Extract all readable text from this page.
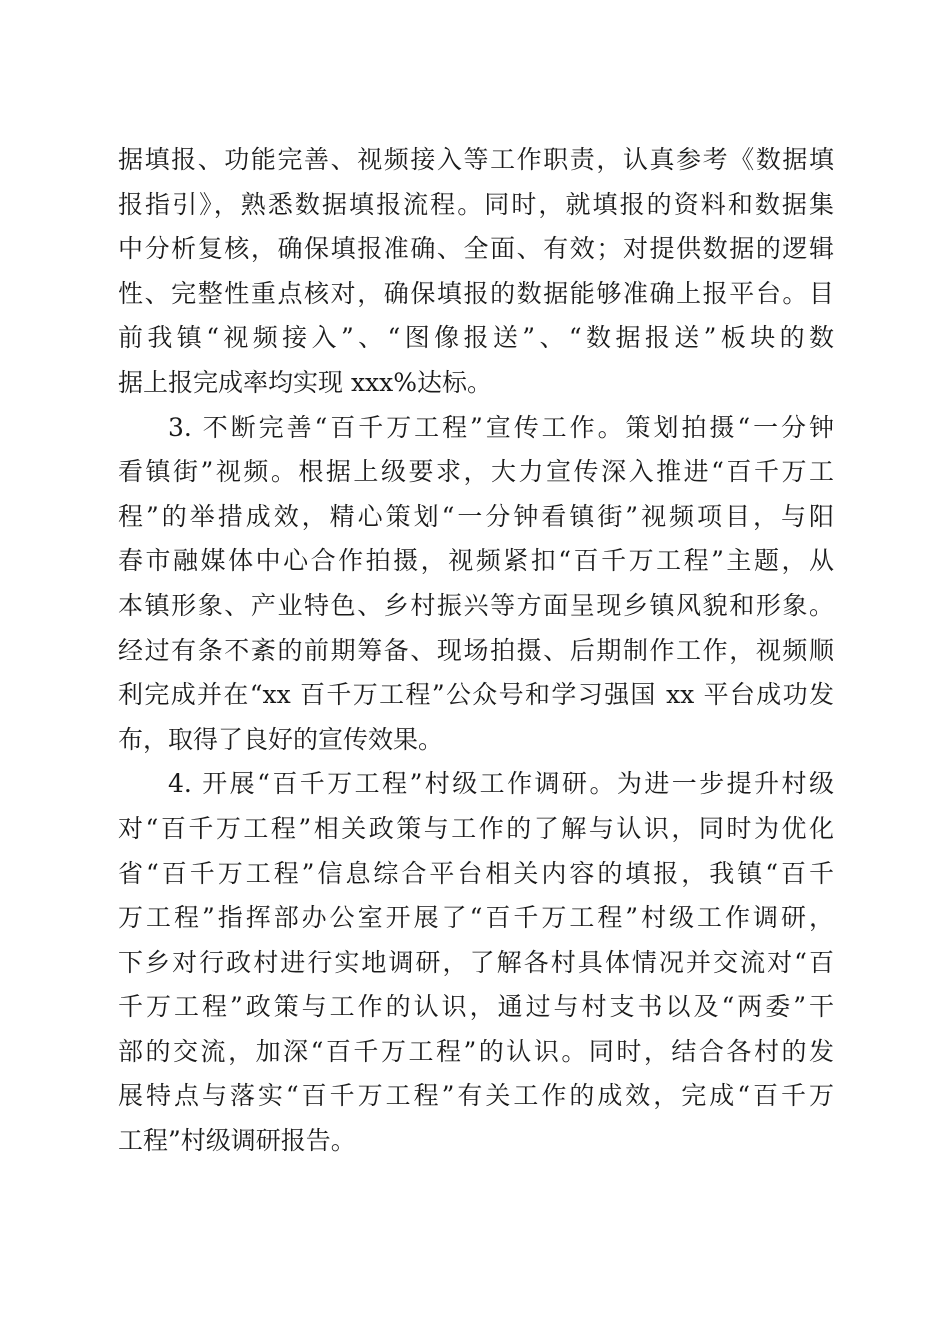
据填报、功能完善、视频接入等工作职责，认真参考《数据填
报指引》，熟悉数据填报流程。同时，就填报的资料和数据集
中分析复核，确保填报准确、全面、有效；对提供数据的逻辑
性、完整性重点核对，确保填报的数据能够准确上报平台。目
前我镇“视频接入”、“图像报送”、“数据报送”板块的数
据上报完成率均实现 xxx%达标。
3. 不断完善“百千万工程”宣传工作。策划拍摄“一分钟
看镇街”视频。根据上级要求，大力宣传深入推进“百千万工
程”的举措成效，精心策划“一分钟看镇街”视频项目，与阳
春市融媒体中心合作拍摄，视频紧扣“百千万工程”主题，从
本镇形象、产业特色、乡村振兴等方面呈现乡镇风貌和形象。
经过有条不紊的前期筹备、现场拍摄、后期制作工作，视频顺
利完成并在“xx 百千万工程”公众号和学习强国 xx 平台成功发
布，取得了良好的宣传效果。
4. 开展“百千万工程”村级工作调研。为进一步提升村级
对“百千万工程”相关政策与工作的了解与认识，同时为优化
省“百千万工程”信息综合平台相关内容的填报，我镇“百千
万工程”指挥部办公室开展了“百千万工程”村级工作调研，
下乡对行政村进行实地调研，了解各村具体情况并交流对“百
千万工程”政策与工作的认识，通过与村支书以及“两委”干
部的交流，加深“百千万工程”的认识。同时，结合各村的发
展特点与落实“百千万工程”有关工作的成效，完成“百千万
工程”村级调研报告。
